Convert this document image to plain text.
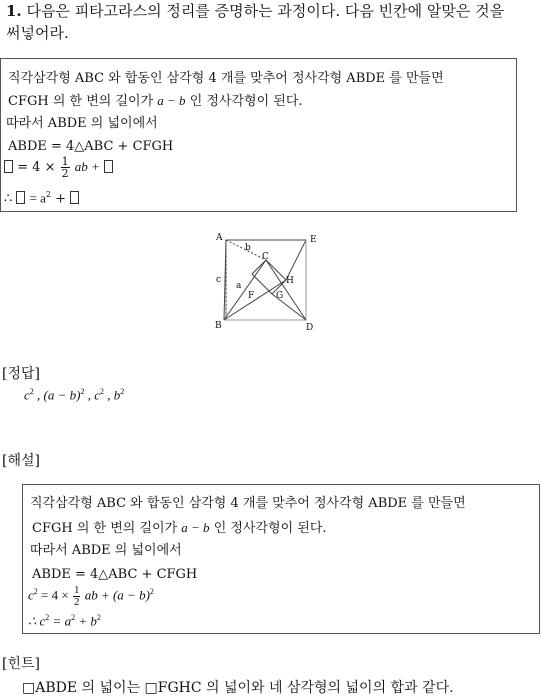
1. 다음은 피타고라스의 정리를 증명하는 과정이다. 다음 빈칸에 알맞은 것을
써넣어라.
직각삼각형 ABC 와 합동인 삼각형 4 개를 맞추어 정사각형 ABDE 를 만들면
CFGH 의 한 변의 길이가 a − b 인 정사각형이 된다.
따라서 ABDE 의 넓이에서
ABDE = 4△ABC + CFGH
= $4 \times \frac{1}{2}$ ab +
∴ = $a^2$ +
A	E
B	D
C
H
F G
a
b
c
[정답]
$c^2$ , $(a - b)^2$ , $c^2$ , $b^2$
[해설]
직각삼각형 ABC 와 합동인 삼각형 4 개를 맞추어 정사각형 ABDE 를 만들면
CFGH 의 한 변의 길이가 a − b 인 정사각형이 된다.
따라서 ABDE 의 넓이에서
ABDE = 4△ABC + CFGH
$c^2 = 4 \times \frac{1}{2}$ ab + $(a - b)^2$
∴ $c^2 = a^2 + b^2$
[힌트]
□ABDE 의 넓이는 □FGHC 의 넓이와 네 삼각형의 넓이의 합과 같다.
